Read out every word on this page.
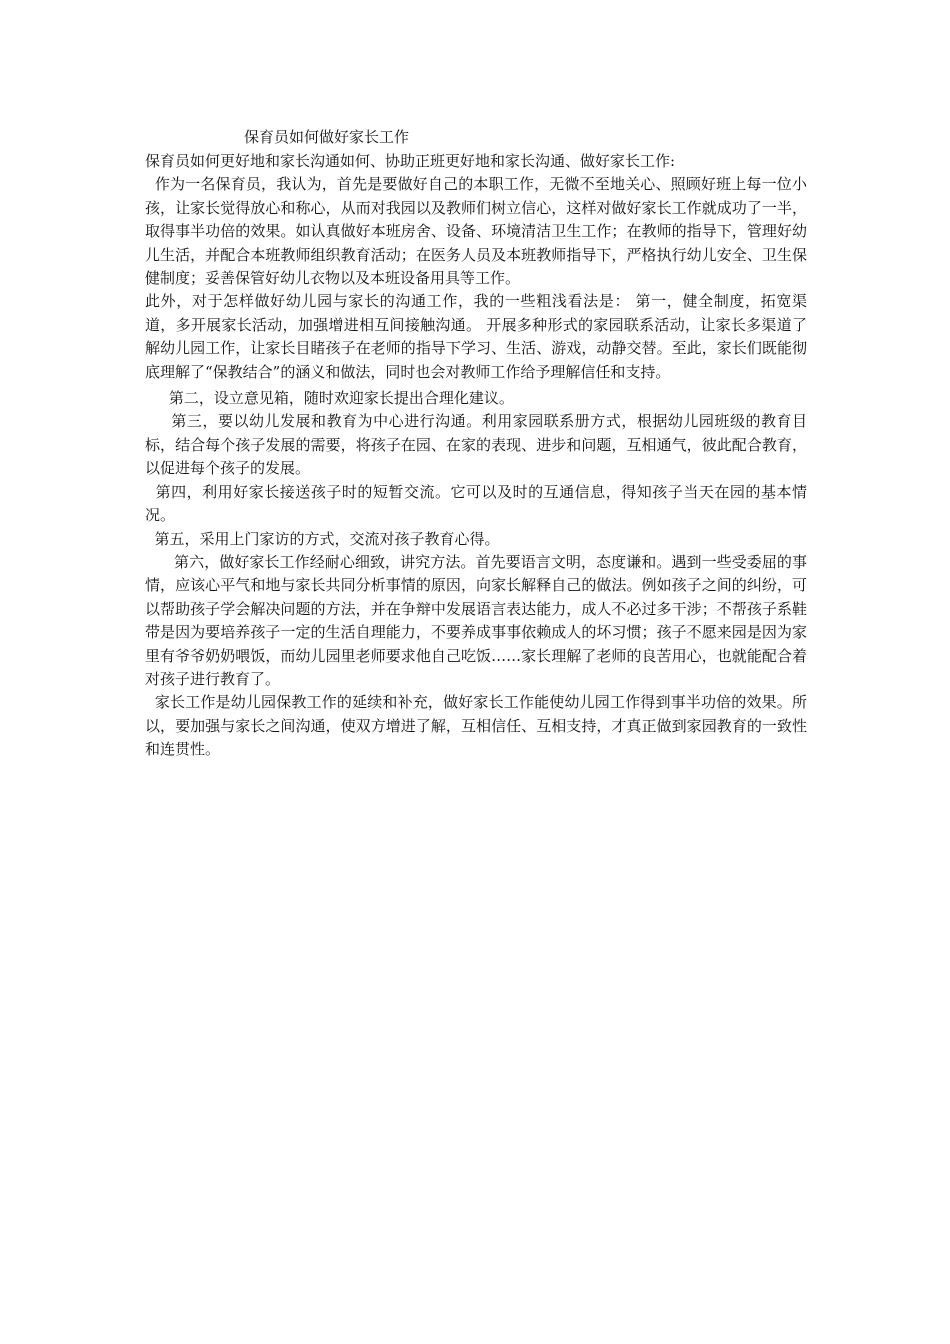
保育员如何做好家长工作

保育员如何更好地和家长沟通如何、协助正班更好地和家长沟通、做好家长工作:

作为一名保育员，我认为，首先是要做好自己的本职工作，无微不至地关心、照顾好班上每一位小孩，让家长觉得放心和称心，从而对我园以及教师们树立信心，这样对做好家长工作就成功了一半，取得事半功倍的效果。如认真做好本班房舍、设备、环境清洁卫生工作；在教师的指导下，管理好幼儿生活，并配合本班教师组织教育活动；在医务人员及本班教师指导下，严格执行幼儿安全、卫生保健制度；妥善保管好幼儿衣物以及本班设备用具等工作。

此外，对于怎样做好幼儿园与家长的沟通工作，我的一些粗浅看法是： 第一，健全制度，拓宽渠道，多开展家长活动，加强增进相互间接触沟通。 开展多种形式的家园联系活动，让家长多渠道了解幼儿园工作，让家长目睹孩子在老师的指导下学习、生活、游戏，动静交替。至此，家长们既能彻底理解了“保教结合”的涵义和做法，同时也会对教师工作给予理解信任和支持。

第二，设立意见箱，随时欢迎家长提出合理化建议。

第三，要以幼儿发展和教育为中心进行沟通。利用家园联系册方式，根据幼儿园班级的教育目标，结合每个孩子发展的需要，将孩子在园、在家的表现、进步和问题，互相通气，彼此配合教育，以促进每个孩子的发展。

第四，利用好家长接送孩子时的短暂交流。它可以及时的互通信息，得知孩子当天在园的基本情况。

第五，采用上门家访的方式，交流对孩子教育心得。

第六，做好家长工作经耐心细致，讲究方法。首先要语言文明，态度谦和。遇到一些受委屈的事情，应该心平气和地与家长共同分析事情的原因，向家长解释自己的做法。例如孩子之间的纠纷，可以帮助孩子学会解决问题的方法，并在争辩中发展语言表达能力，成人不必过多干涉；不帮孩子系鞋带是因为要培养孩子一定的生活自理能力，不要养成事事依赖成人的坏习惯；孩子不愿来园是因为家里有爷爷奶奶喂饭，而幼儿园里老师要求他自己吃饭……家长理解了老师的良苦用心，也就能配合着对孩子进行教育了。

家长工作是幼儿园保教工作的延续和补充，做好家长工作能使幼儿园工作得到事半功倍的效果。所以，要加强与家长之间沟通，使双方增进了解，互相信任、互相支持，才真正做到家园教育的一致性和连贯性。
